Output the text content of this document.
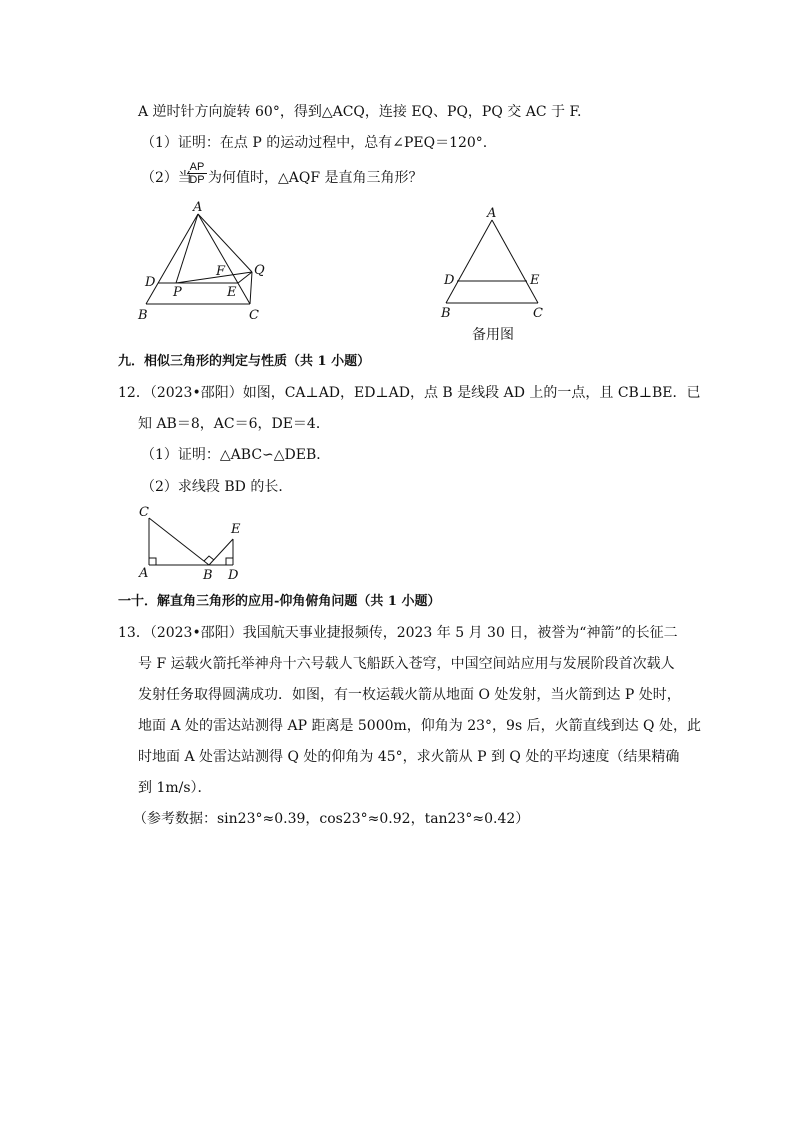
A 逆时针方向旋转 60°，得到△ACQ，连接 EQ、PQ，PQ 交 AC 于 F.
（1）证明：在点 P 的运动过程中，总有∠PEQ＝120°.
（2）当
$\frac{AP}{DP}$ 为何值时，△AQF 是直角三角形？
A
D
P
F
E
Q
B	C
A
D	E
B	C
备用图
九．相似三角形的判定与性质（共 1 小题）
12．（2023•邵阳）如图，CA⊥AD，ED⊥AD，点 B 是线段 AD 上的一点，且 CB⊥BE．已
知 AB＝8，AC＝6，DE＝4．
（1）证明：△ABC∽△DEB．
（2）求线段 BD 的长．
C
E
A	B D
一十．解直角三角形的应用-仰角俯角问题（共 1 小题）
13．（2023•邵阳）我国航天事业捷报频传，2023 年 5 月 30 日，被誉为“神箭”的长征二
号 F 运载火箭托举神舟十六号载人飞船跃入苍穹，中国空间站应用与发展阶段首次载人
发射任务取得圆满成功．如图，有一枚运载火箭从地面 O 处发射，当火箭到达 P 处时，
地面 A 处的雷达站测得 AP 距离是 5000m，仰角为 23°，9s 后，火箭直线到达 Q 处，此
时地面 A 处雷达站测得 Q 处的仰角为 45°，求火箭从 P 到 Q 处的平均速度（结果精确
到 1m/s）．
（参考数据：sin23°≈0.39，cos23°≈0.92，tan23°≈0.42）
